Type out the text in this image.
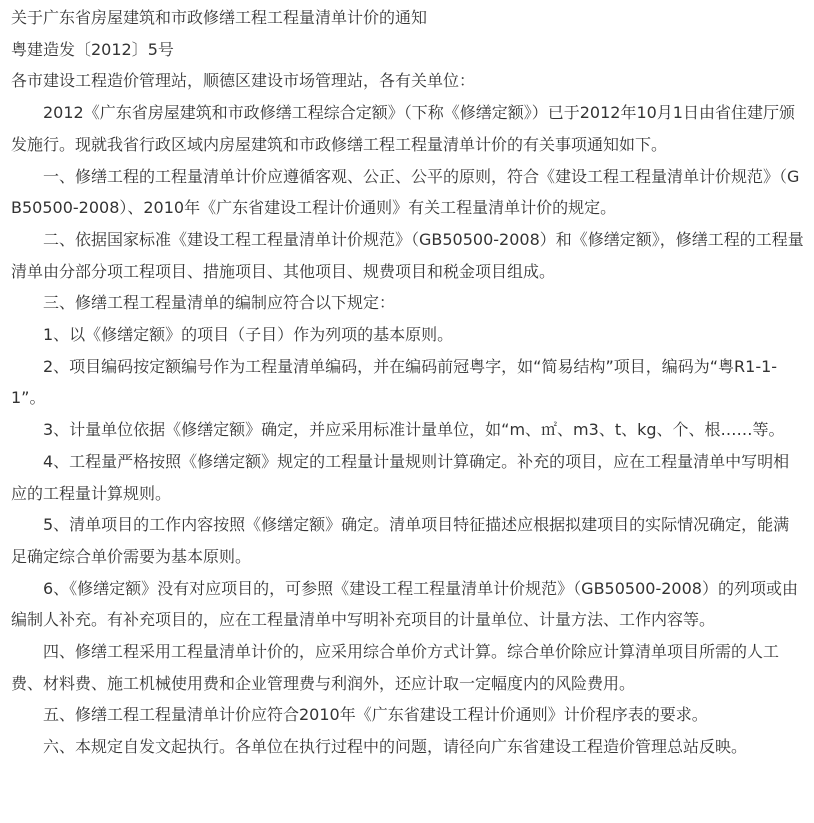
关于广东省房屋建筑和市政修缮工程工程量清单计价的通知

粤建造发〔2012〕5号

各市建设工程造价管理站，顺德区建设市场管理站，各有关单位：

2012《广东省房屋建筑和市政修缮工程综合定额》（下称《修缮定额》）已于2012年10月1日由省住建厅颁发施行。现就我省行政区域内房屋建筑和市政修缮工程工程量清单计价的有关事项通知如下。

一、修缮工程的工程量清单计价应遵循客观、公正、公平的原则，符合《建设工程工程量清单计价规范》（GB50500-2008）、2010年《广东省建设工程计价通则》有关工程量清单计价的规定。

二、依据国家标准《建设工程工程量清单计价规范》（GB50500-2008）和《修缮定额》，修缮工程的工程量清单由分部分项工程项目、措施项目、其他项目、规费项目和税金项目组成。

三、修缮工程工程量清单的编制应符合以下规定：

1、以《修缮定额》的项目（子目）作为列项的基本原则。

2、项目编码按定额编号作为工程量清单编码，并在编码前冠粤字，如“简易结构”项目，编码为“粤R1-1-1”。

3、计量单位依据《修缮定额》确定，并应采用标准计量单位，如“m、㎡、m3、t、kg、个、根……等。

4、工程量严格按照《修缮定额》规定的工程量计量规则计算确定。补充的项目，应在工程量清单中写明相应的工程量计算规则。

5、清单项目的工作内容按照《修缮定额》确定。清单项目特征描述应根据拟建项目的实际情况确定，能满足确定综合单价需要为基本原则。

6、《修缮定额》没有对应项目的，可参照《建设工程工程量清单计价规范》（GB50500-2008）的列项或由编制人补充。有补充项目的，应在工程量清单中写明补充项目的计量单位、计量方法、工作内容等。

四、修缮工程采用工程量清单计价的，应采用综合单价方式计算。综合单价除应计算清单项目所需的人工费、材料费、施工机械使用费和企业管理费与利润外，还应计取一定幅度内的风险费用。

五、修缮工程工程量清单计价应符合2010年《广东省建设工程计价通则》计价程序表的要求。

六、本规定自发文起执行。各单位在执行过程中的问题，请径向广东省建设工程造价管理总站反映。
